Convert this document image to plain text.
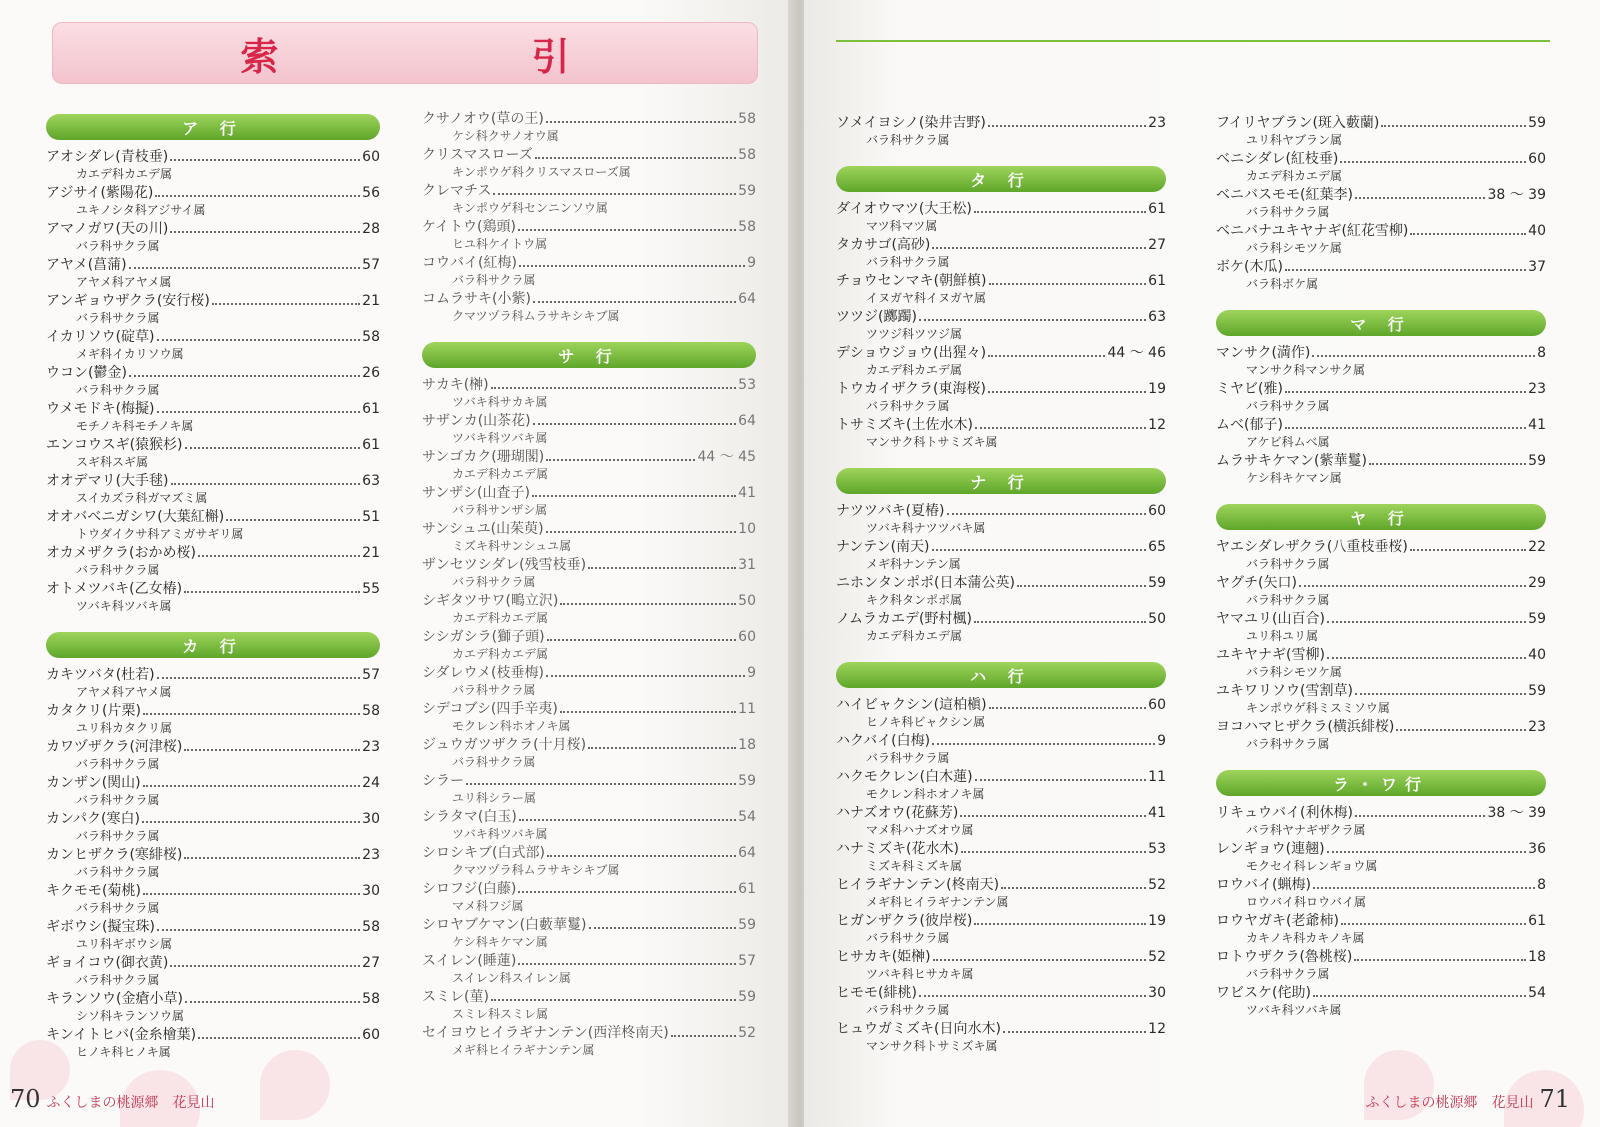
索 引
ア 行
アオシダレ(青枝垂)	60
カエデ科カエデ属
アジサイ(紫陽花)	56
ユキノシタ科アジサイ属
アマノガワ(天の川)	28
バラ科サクラ属
アヤメ(菖蒲)	57
アヤメ科アヤメ属
アンギョウザクラ(安行桜)	21
バラ科サクラ属
イカリソウ(碇草)	58
メギ科イカリソウ属
ウコン(鬱金)	26
バラ科サクラ属
ウメモドキ(梅擬)	61
モチノキ科モチノキ属
エンコウスギ(猿猴杉)	61
スギ科スギ属
オオデマリ(大手毬)	63
スイカズラ科ガマズミ属
オオバベニガシワ(大葉紅槲)	51
トウダイクサ科アミガサギリ属
オカメザクラ(おかめ桜)	21
バラ科サクラ属
オトメツバキ(乙女椿)	55
ツバキ科ツバキ属
カ 行
カキツバタ(杜若)	57
アヤメ科アヤメ属
カタクリ(片栗)	58
ユリ科カタクリ属
カワヅザクラ(河津桜)	23
バラ科サクラ属
カンザン(関山)	24
バラ科サクラ属
カンパク(寒白)	30
バラ科サクラ属
カンヒザクラ(寒緋桜)	23
バラ科サクラ属
キクモモ(菊桃)	30
バラ科サクラ属
ギボウシ(擬宝珠)	58
ユリ科ギボウシ属
ギョイコウ(御衣黄)	27
バラ科サクラ属
キランソウ(金瘡小草)	58
シソ科キランソウ属
キンイトヒバ(金糸檜葉)	60
ヒノキ科ヒノキ属
クサノオウ(草の王)	58
ケシ科クサノオウ属
クリスマスローズ	58
キンポウゲ科クリスマスローズ属
クレマチス	59
キンポウゲ科センニンソウ属
ケイトウ(鶏頭)	58
ヒユ科ケイトウ属
コウバイ(紅梅)	9
バラ科サクラ属
コムラサキ(小紫)	64
クマツヅラ科ムラサキシキブ属
サ 行
サカキ(榊)	53
ツバキ科サカキ属
サザンカ(山茶花)	64
ツバキ科ツバキ属
サンゴカク(珊瑚閣)	44 ～ 45
カエデ科カエデ属
サンザシ(山査子)	41
バラ科サンザシ属
サンシュユ(山茱萸)	10
ミズキ科サンシュユ属
ザンセツシダレ(残雪枝垂)	31
バラ科サクラ属
シギタツサワ(鴫立沢)	50
カエデ科カエデ属
シシガシラ(獅子頭)	60
カエデ科カエデ属
シダレウメ(枝垂梅)	9
バラ科サクラ属
シデコブシ(四手辛夷)	11
モクレン科ホオノキ属
ジュウガツザクラ(十月桜)	18
バラ科サクラ属
シラー	59
ユリ科シラー属
シラタマ(白玉)	54
ツバキ科ツバキ属
シロシキブ(白式部)	64
クマツヅラ科ムラサキシキブ属
シロフジ(白藤)	61
マメ科フジ属
シロヤブケマン(白藪華鬘)	59
ケシ科キケマン属
スイレン(睡蓮)	57
スイレン科スイレン属
スミレ(菫)	59
スミレ科スミレ属
セイヨウヒイラギナンテン(西洋柊南天)	52
メギ科ヒイラギナンテン属
70 ふくしまの桃源郷　花見山
ソメイヨシノ(染井吉野)	23
バラ科サクラ属
タ 行
ダイオウマツ(大王松)	61
マツ科マツ属
タカサゴ(高砂)	27
バラ科サクラ属
チョウセンマキ(朝鮮槙)	61
イヌガヤ科イヌガヤ属
ツツジ(躑躅)	63
ツツジ科ツツジ属
デショウジョウ(出猩々)	44 ～ 46
カエデ科カエデ属
トウカイザクラ(東海桜)	19
バラ科サクラ属
トサミズキ(土佐水木)	12
マンサク科トサミズキ属
ナ 行
ナツツバキ(夏椿)	60
ツバキ科ナツツバキ属
ナンテン(南天)	65
メギ科ナンテン属
ニホンタンポポ(日本蒲公英)	59
キク科タンポポ属
ノムラカエデ(野村楓)	50
カエデ科カエデ属
ハ 行
ハイビャクシン(這柏槇)	60
ヒノキ科ビャクシン属
ハクバイ(白梅)	9
バラ科サクラ属
ハクモクレン(白木蓮)	11
モクレン科ホオノキ属
ハナズオウ(花蘇芳)	41
マメ科ハナズオウ属
ハナミズキ(花水木)	53
ミズキ科ミズキ属
ヒイラギナンテン(柊南天)	52
メギ科ヒイラギナンテン属
ヒガンザクラ(彼岸桜)	19
バラ科サクラ属
ヒサカキ(姫榊)	52
ツバキ科ヒサカキ属
ヒモモ(緋桃)	30
バラ科サクラ属
ヒュウガミズキ(日向水木)	12
マンサク科トサミズキ属
フイリヤブラン(斑入藪蘭)	59
ユリ科ヤブラン属
ベニシダレ(紅枝垂)	60
カエデ科カエデ属
ベニバスモモ(紅葉李)	38 ～ 39
バラ科サクラ属
ベニバナユキヤナギ(紅花雪柳)	40
バラ科シモツケ属
ボケ(木瓜)	37
バラ科ボケ属
マ 行
マンサク(満作)	8
マンサク科マンサク属
ミヤビ(雅)	23
バラ科サクラ属
ムベ(郁子)	41
アケビ科ムベ属
ムラサキケマン(紫華鬘)	59
ケシ科キケマン属
ヤ 行
ヤエシダレザクラ(八重枝垂桜)	22
バラ科サクラ属
ヤグチ(矢口)	29
バラ科サクラ属
ヤマユリ(山百合)	59
ユリ科ユリ属
ユキヤナギ(雪柳)	40
バラ科シモツケ属
ユキワリソウ(雪割草)	59
キンポウゲ科ミスミソウ属
ヨコハマヒザクラ(横浜緋桜)	23
バラ科サクラ属
ラ・ワ行
リキュウバイ(利休梅)	38 ～ 39
バラ科ヤナギザクラ属
レンギョウ(連翹)	36
モクセイ科レンギョウ属
ロウバイ(蝋梅)	8
ロウバイ科ロウバイ属
ロウヤガキ(老爺柿)	61
カキノキ科カキノキ属
ロトウザクラ(魯桃桜)	18
バラ科サクラ属
ワビスケ(侘助)	54
ツバキ科ツバキ属
ふくしまの桃源郷　花見山 71
